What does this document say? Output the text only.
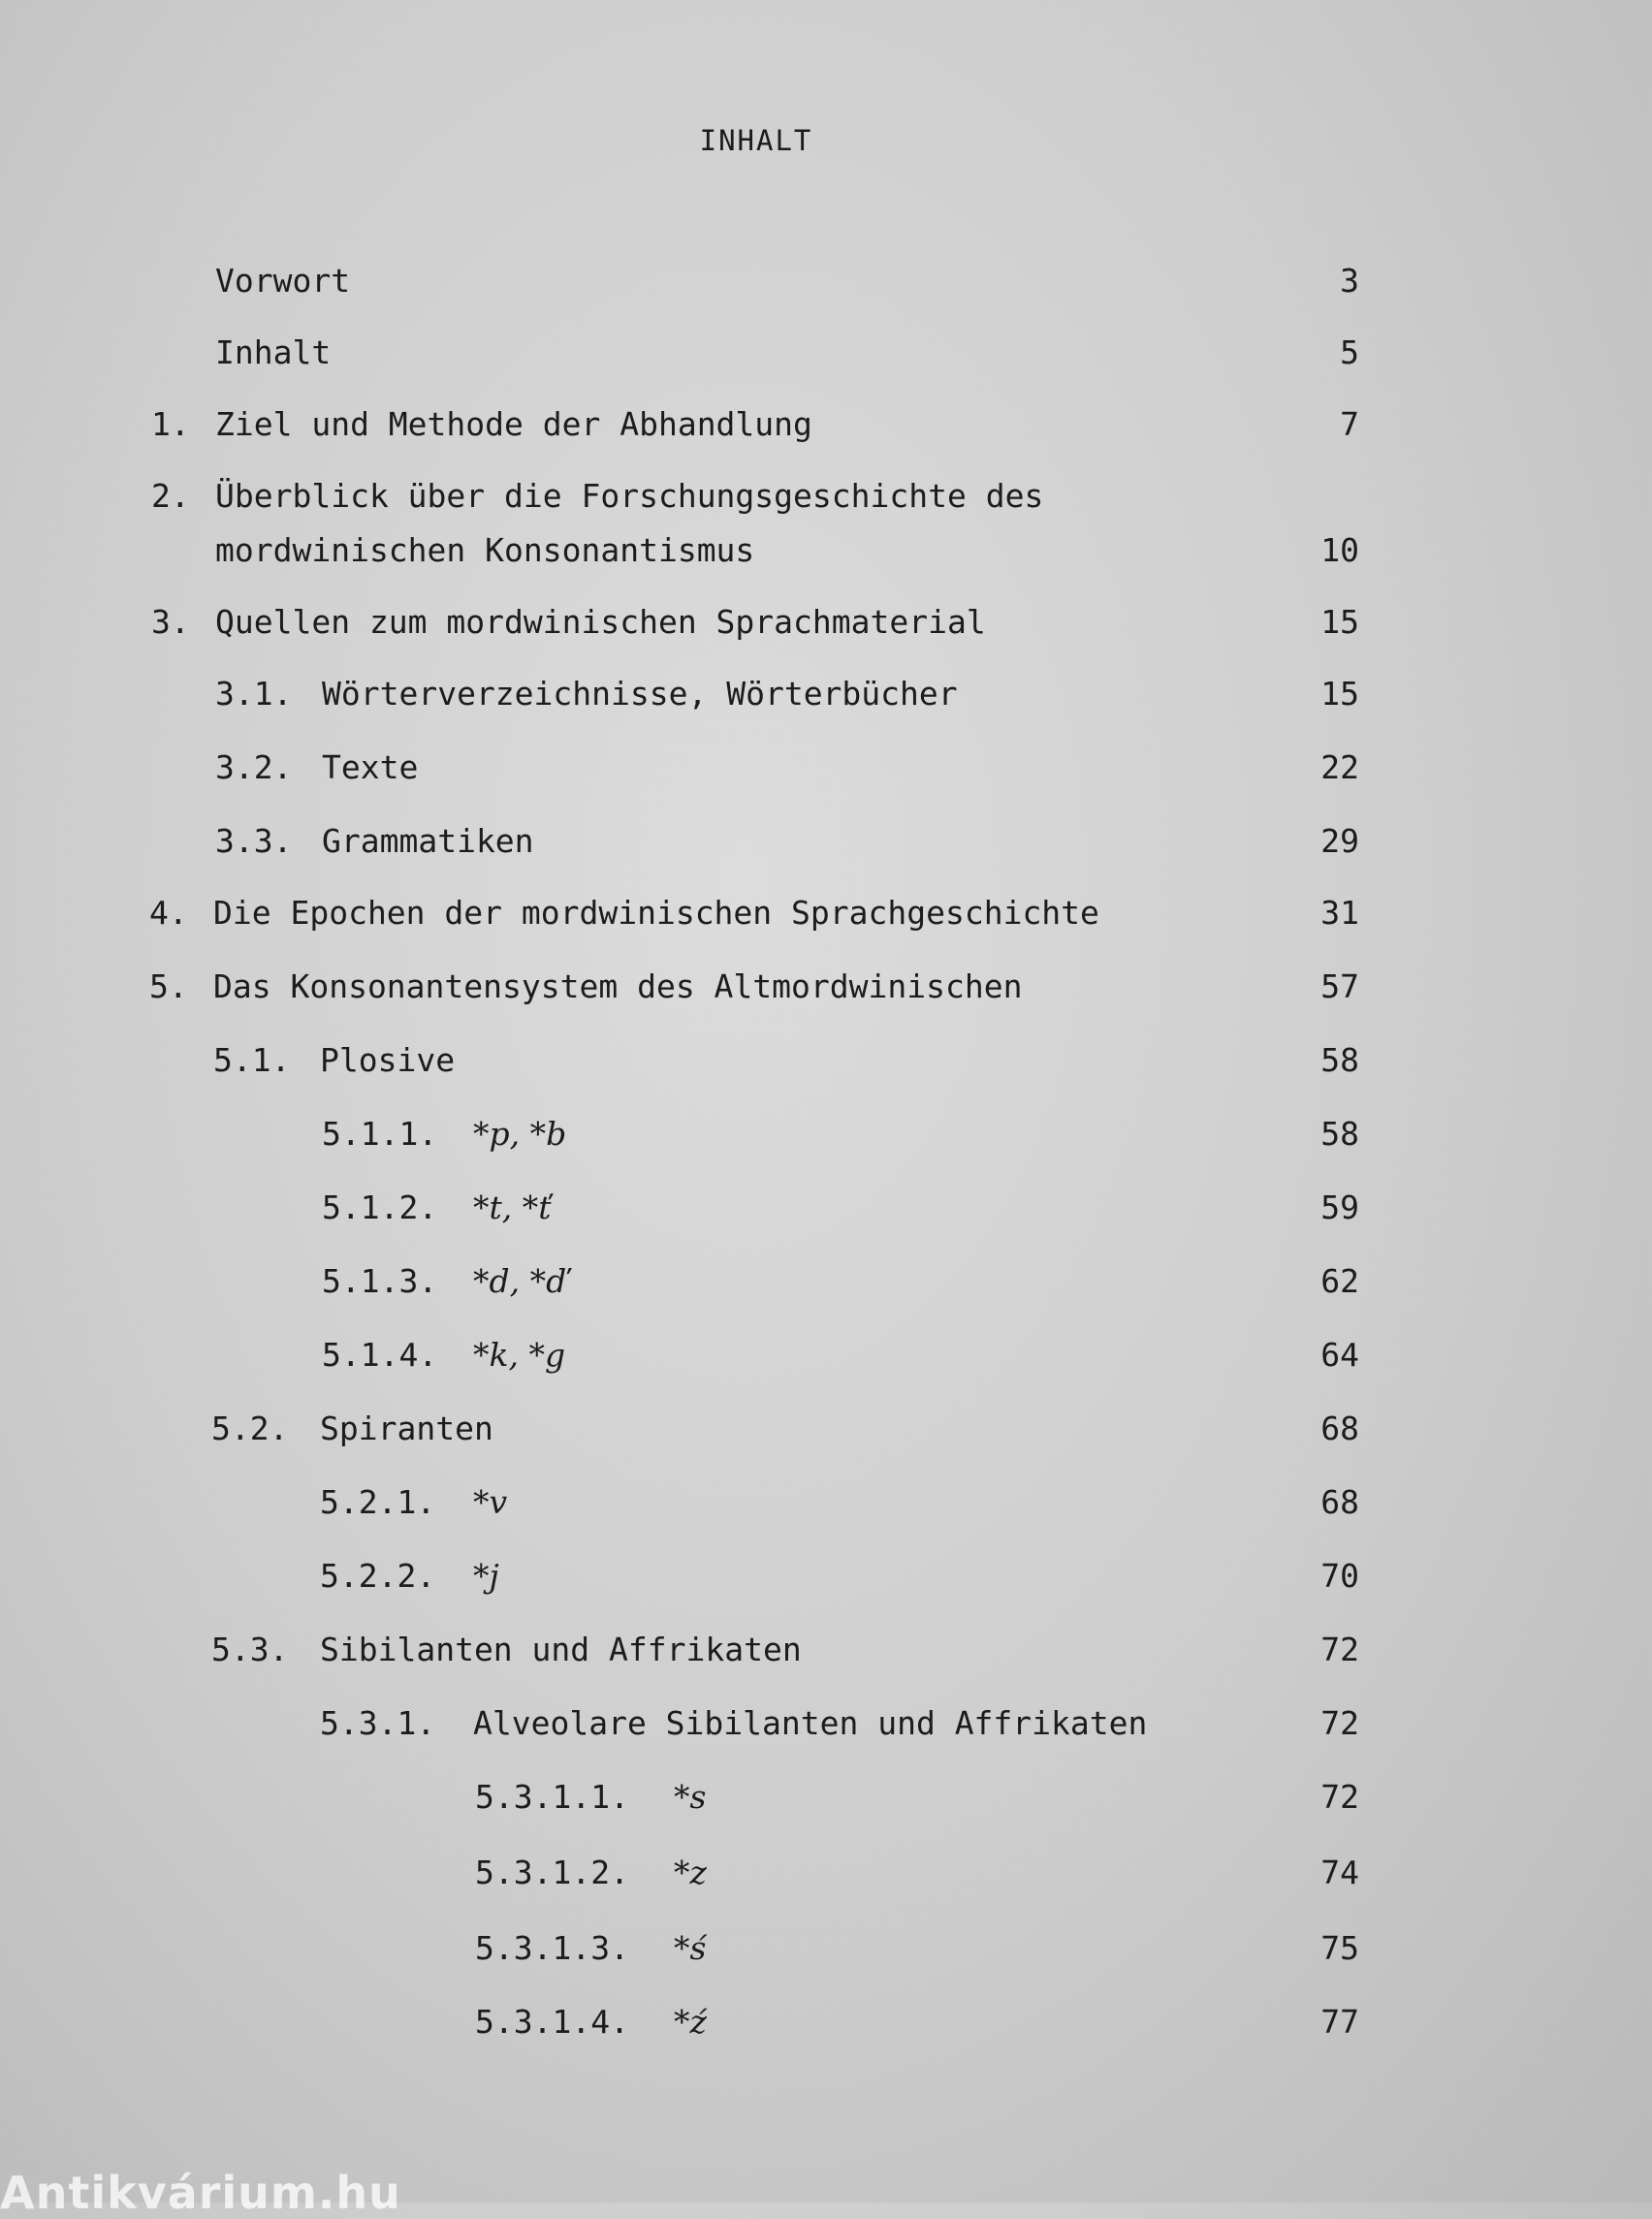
INHALT
Vorwort	3
Inhalt	5
1. Ziel und Methode der Abhandlung	7
2. Überblick über die Forschungsgeschichte des
mordwinischen Konsonantismus	10
3. Quellen zum mordwinischen Sprachmaterial	15
3.1. Wörterverzeichnisse, Wörterbücher	15
3.2. Texte	22
3.3. Grammatiken	29
4. Die Epochen der mordwinischen Sprachgeschichte	31
5. Das Konsonantensystem des Altmordwinischen	57
5.1. Plosive	58
5.1.1. *p, *b	58
5.1.2. *t, *ť	59
5.1.3. *d, *ď	62
5.1.4. *k, *g	64
5.2. Spiranten	68
5.2.1. *v	68
5.2.2. *j	70
5.3. Sibilanten und Affrikaten	72
5.3.1. Alveolare Sibilanten und Affrikaten	72
5.3.1.1. *s	72
5.3.1.2. *z	74
5.3.1.3. *ś	75
5.3.1.4. *ź	77
Antikvárium.hu
